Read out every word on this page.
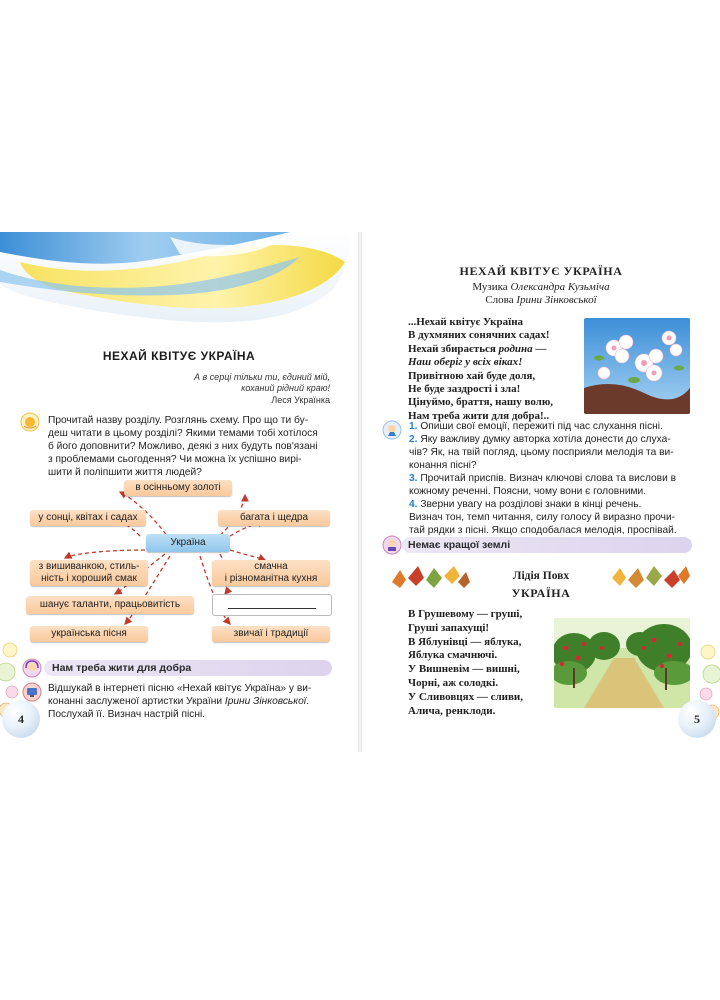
НЕХАЙ КВІТУЄ УКРАЇНА
А в серці тільки ти, єдиний мій,
коханий рідний краю!
Леся Українка
Прочитай назву розділу. Розглянь схему. Про що ти бу-
деш читати в цьому розділі? Якими темами тобі хотілося
б його доповнити? Можливо, деякі з них будуть пов'язані
з проблемами сьогодення? Чи можна їх успішно вирі-
шити й поліпшити життя людей?
в осінньому золоті
у сонці, квітах і садах	багата і щедра
Україна
з вишиванкою, стиль-
ність і хороший смак
смачна
і різноманітна кухня
шанує таланти, працьовитість
українська пісня	звичаї і традиції
Нам треба жити для добра
Відшукай в інтернеті пісню «Нехай квітує Україна» у ви-
конанні заслуженої артистки України Ірини Зінковської.
Послухай її. Визнач настрій пісні.
4
НЕХАЙ КВІТУЄ УКРАЇНА
Музика Олександра Кузьміча
Слова Ірини Зінковської
...Нехай квітує Україна
В духмяних сонячних садах!
Нехай збирається родина —
Наш оберіг у всіх віках!
Привітною хай буде доля,
Не буде заздрості і зла!
Цінуймо, браття, нашу волю,
Нам треба жити для добра!..
1. Опиши свої емоції, пережиті під час слухання пісні.
2. Яку важливу думку авторка хотіла донести до слуха-
чів? Як, на твій погляд, цьому посприяли мелодія та ви-
конання пісні?
3. Прочитай приспів. Визнач ключові слова та вислови в
кожному реченні. Поясни, чому вони є головними.
4. Зверни увагу на розділові знаки в кінці речень.
Визнач тон, темп читання, силу голосу й виразно прочи-
тай рядки з пісні. Якщо сподобалася мелодія, проспівай.
Немає кращої землі
Лідія Повх
УКРАЇНА
В Грушевому — груші,
Груші запахущі!
В Яблунівці — яблука,
Яблука смачнючі.
У Вишневім — вишні,
Чорні, аж солодкі.
У Сливовцях — сливи,
Алича, ренклоди.
5
